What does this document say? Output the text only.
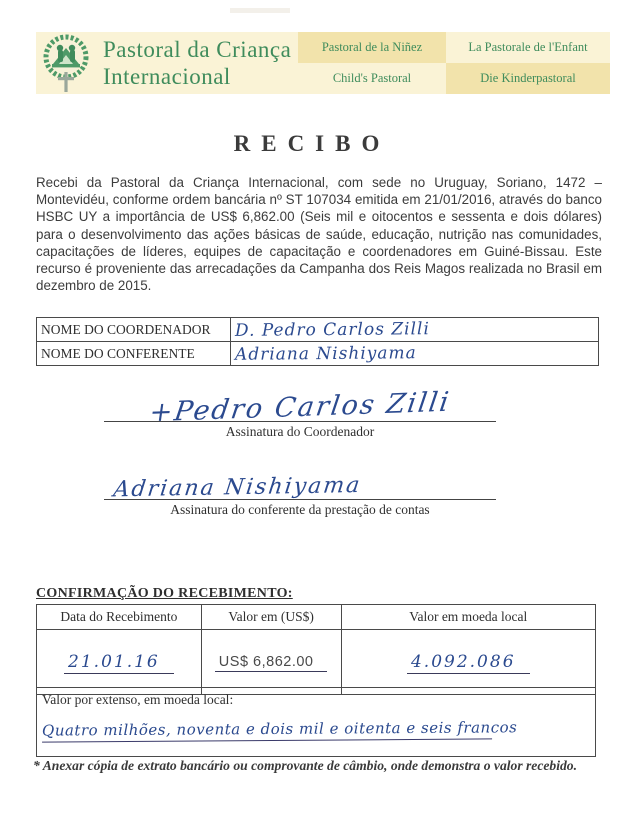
Pastoral da Criança
Internacional
Pastoral de la Niñez	La Pastorale de l'Enfant
Child's Pastoral	Die Kinderpastoral
RECIBO
Recebi da Pastoral da Criança Internacional, com sede no Uruguay, Soriano, 1472 – Montevidéu, conforme ordem bancária nº ST 107034 emitida em 21/01/2016, através do banco HSBC UY a importância de US$ 6,862.00 (Seis mil e oitocentos e sessenta e dois dólares) para o desenvolvimento das ações básicas de saúde, educação, nutrição nas comunidades, capacitações de líderes, equipes de capacitação e coordenadores em Guiné-Bissau. Este recurso é proveniente das arrecadações da Campanha dos Reis Magos realizada no Brasil em dezembro de 2015.
NOME DO COORDENADOR	D. Pedro Carlos Zilli
NOME DO CONFERENTE	Adriana Nishiyama
+Pedro Carlos Zilli
Assinatura do Coordenador
Adriana Nishiyama
Assinatura do conferente da prestação de contas
CONFIRMAÇÃO DO RECEBIMENTO:
Data do Recebimento	Valor em (US$)	Valor em moeda local
21.01.16	US$ 6,862.00	4.092.086
Valor por extenso, em moeda local:
Quatro milhões, noventa e dois mil e oitenta e seis francos
* Anexar cópia de extrato bancário ou comprovante de câmbio, onde demonstra o valor recebido.
